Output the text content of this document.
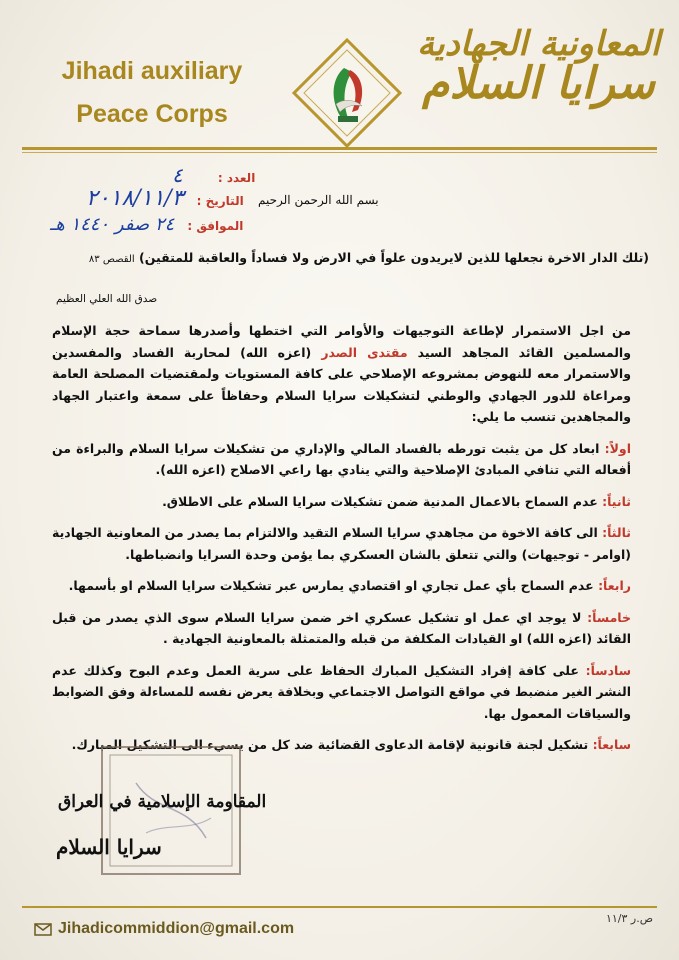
Jihadi auxiliary
Peace Corps
المعاونية الجهادية
سرايا السلام
العدد : ٤
التاريخ : ٢٠١٨/١١/٣
الموافق : ٢٤ صفر ١٤٤٠ هـ
بسم الله الرحمن الرحيم
(تلك الدار الاخرة نجعلها للذين لايريدون علواً في الارض ولا فساداً والعاقبة للمتقين) القصص ٨٣
صدق الله العلي العظيم

من اجل الاستمرار لإطاعة التوجيهات والأوامر التي اختطها وأصدرها سماحة حجة الإسلام والمسلمين القائد المجاهد السيد مقتدى الصدر (اعزه الله) لمحاربة الفساد والمفسدين والاستمرار معه للنهوض بمشروعه الإصلاحي على كافة المستويات ولمقتضيات المصلحة العامة ومراعاة للدور الجهادي والوطني لتشكيلات سرايا السلام وحفاظاً على سمعة واعتبار الجهاد والمجاهدين تنسب ما يلي:

اولاً: ابعاد كل من يثبت تورطه بالفساد المالي والإداري من تشكيلات سرايا السلام والبراءة من أفعاله التي تنافي المبادئ الإصلاحية والتي ينادي بها راعي الاصلاح (اعزه الله).

ثانياً: عدم السماح بالاعمال المدنية ضمن تشكيلات سرايا السلام على الاطلاق.

ثالثاً: الى كافة الاخوة من مجاهدي سرايا السلام التقيد والالتزام بما يصدر من المعاونية الجهادية (اوامر - توجيهات) والتي تتعلق بالشان العسكري بما يؤمن وحدة السرايا وانضباطها.

رابعاً: عدم السماح بأي عمل تجاري او اقتصادي يمارس عبر تشكيلات سرايا السلام او بأسمها.

خامساً: لا يوجد اي عمل او تشكيل عسكري اخر ضمن سرايا السلام سوى الذي يصدر من قبل القائد (اعزه الله) او القيادات المكلفة من قبله والمتمثلة بالمعاونية الجهادية .

سادساً: على كافة إفراد التشكيل المبارك الحفاظ على سرية العمل وعدم البوح وكذلك عدم النشر الغير منضبط في مواقع التواصل الاجتماعي وبخلافة يعرض نفسه للمساءلة وفق الضوابط والسياقات المعمول بها.

سابعاً: تشكيل لجنة قانونية لإقامة الدعاوى القضائية ضد كل من يسيء الى التشكيل المبارك.

المقاومة الإسلامية في العراق
سرايا السلام
Jihadicommiddion@gmail.com
ص.ر ١١/٣
